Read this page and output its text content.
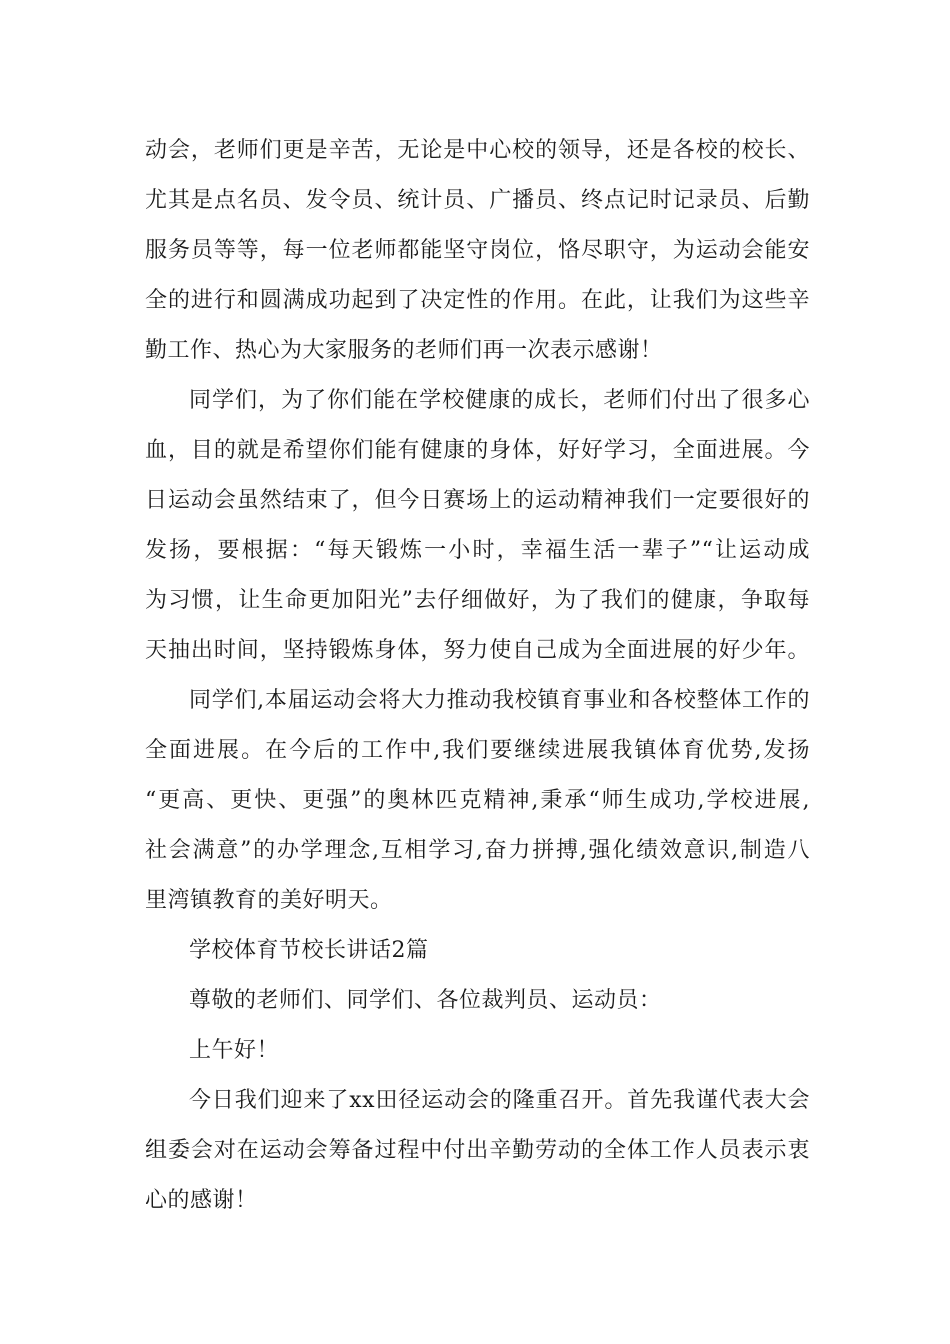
动会，老师们更是辛苦，无论是中心校的领导，还是各校的校长、
尤其是点名员、发令员、统计员、广播员、终点记时记录员、后勤
服务员等等，每一位老师都能坚守岗位，恪尽职守，为运动会能安
全的进行和圆满成功起到了决定性的作用。在此，让我们为这些辛
勤工作、热心为大家服务的老师们再一次表示感谢！
同学们，为了你们能在学校健康的成长，老师们付出了很多心
血，目的就是希望你们能有健康的身体，好好学习，全面进展。今
日运动会虽然结束了，但今日赛场上的运动精神我们一定要很好的
发扬，要根据：“每天锻炼一小时，幸福生活一辈子”“让运动成
为习惯，让生命更加阳光”去仔细做好，为了我们的健康，争取每
天抽出时间，坚持锻炼身体，努力使自己成为全面进展的好少年。
同学们,本届运动会将大力推动我校镇育事业和各校整体工作的
全面进展。在今后的工作中,我们要继续进展我镇体育优势,发扬
“更高、更快、更强”的奥林匹克精神,秉承“师生成功,学校进展,
社会满意”的办学理念,互相学习,奋力拼搏,强化绩效意识,制造八
里湾镇教育的美好明天。
学校体育节校长讲话2篇
尊敬的老师们、同学们、各位裁判员、运动员：
上午好！
今日我们迎来了xx田径运动会的隆重召开。首先我谨代表大会
组委会对在运动会筹备过程中付出辛勤劳动的全体工作人员表示衷
心的感谢！
